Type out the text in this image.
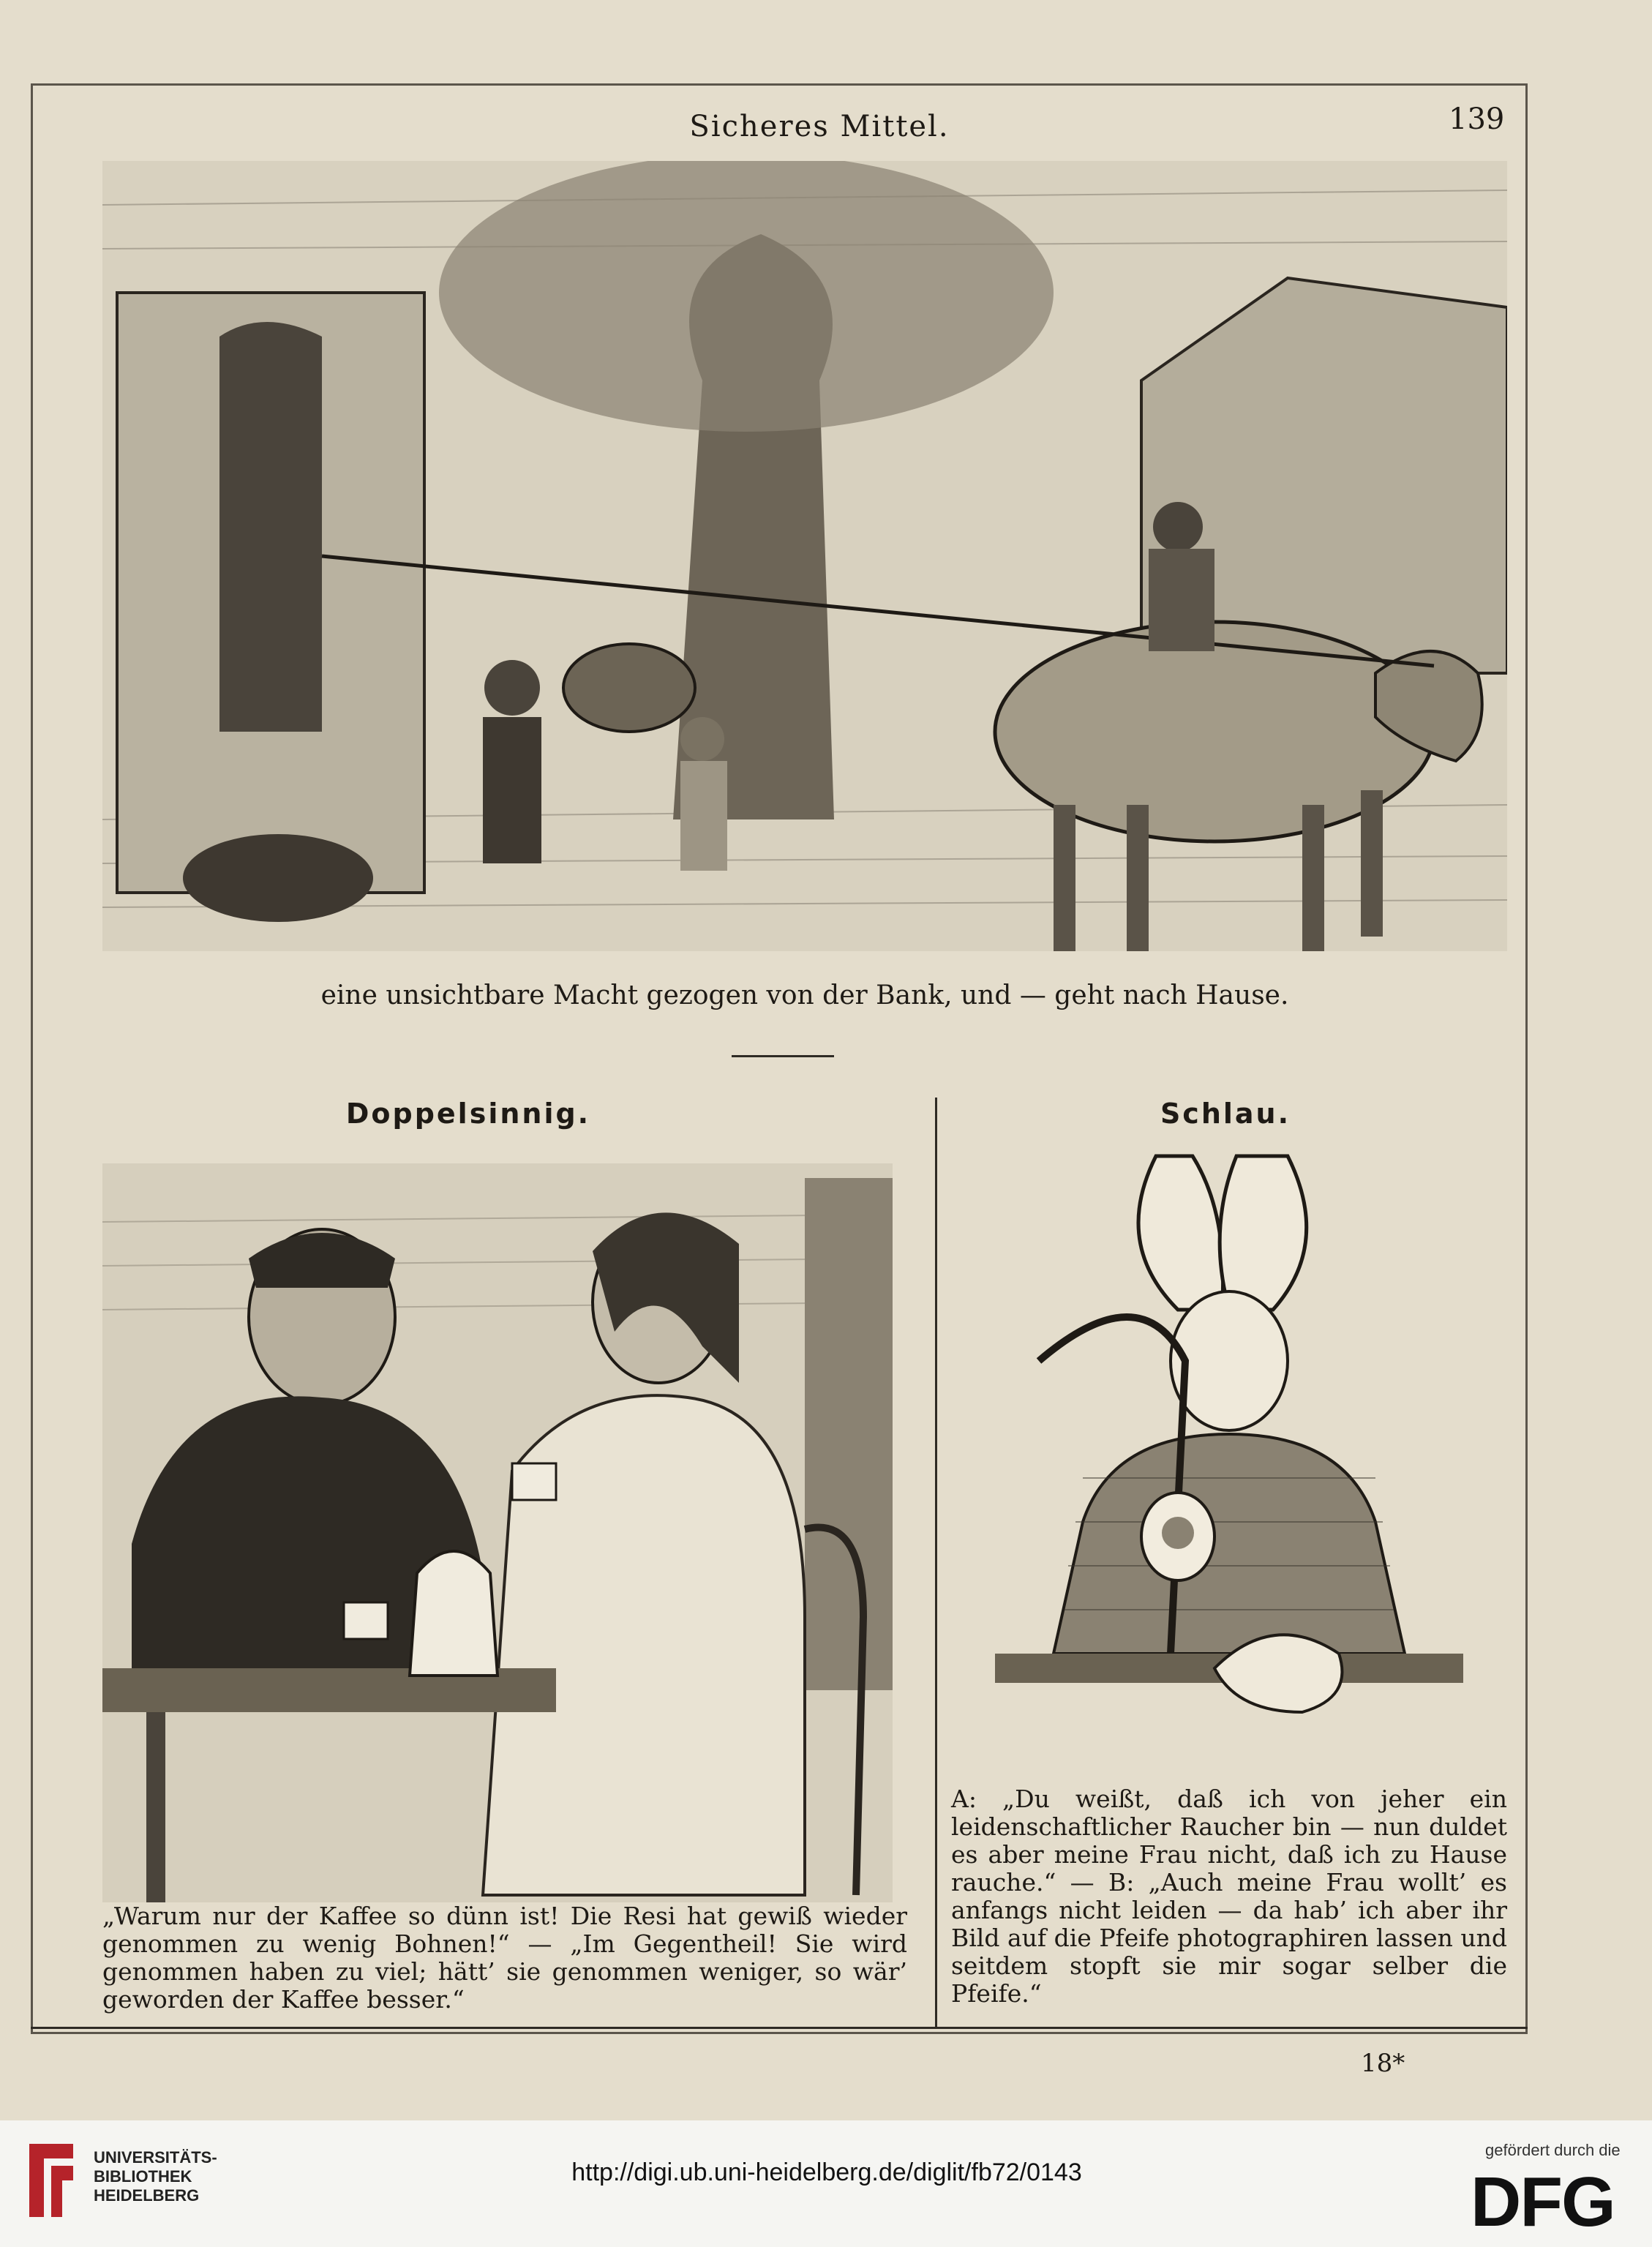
Sicheres Mittel.	139
eine unsichtbare Macht gezogen von der Bank, und — geht nach Hause.
Doppelsinnig.
„Warum nur der Kaffee so dünn ist! Die Resi hat gewiß wieder genommen zu wenig Bohnen!“ — „Im Gegentheil! Sie wird genommen haben zu viel; hätt’ sie genommen weniger, so wär’ geworden der Kaffee besser.“
Schlau.
A: „Du weißt, daß ich von jeher ein leidenschaftlicher Raucher bin — nun duldet es aber meine Frau nicht, daß ich zu Hause rauche.“ — B: „Auch meine Frau wollt’ es anfangs nicht leiden — da hab’ ich aber ihr Bild auf die Pfeife photographiren lassen und seitdem stopft sie mir sogar selber die Pfeife.“
18*
UNIVERSITÄTS-
BIBLIOTHEK
HEIDELBERG
http://digi.ub.uni-heidelberg.de/diglit/fb72/0143
gefördert durch die
DFG
